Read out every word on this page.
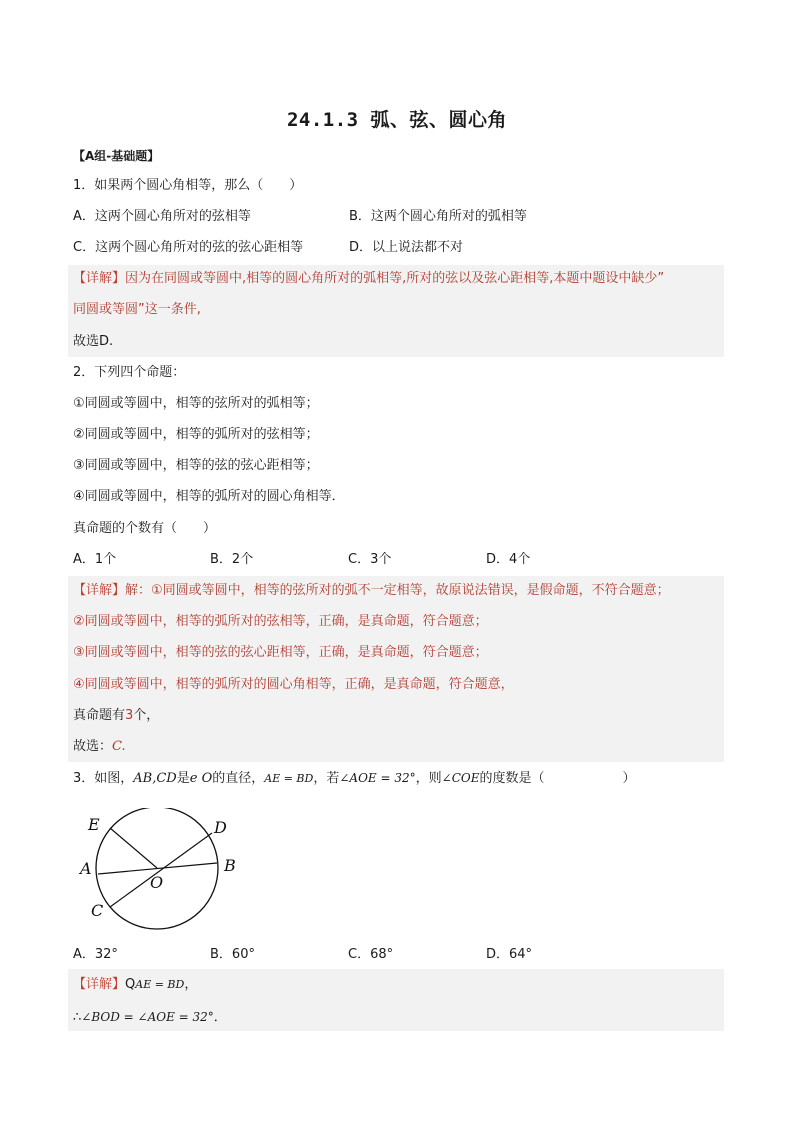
24.1.3 弧、弦、圆心角
【A组-基础题】
1．如果两个圆心角相等，那么（　　）
A．这两个圆心角所对的弦相等	B．这两个圆心角所对的弧相等
C．这两个圆心角所对的弦的弦心距相等	D．以上说法都不对
【详解】因为在同圆或等圆中,相等的圆心角所对的弧相等,所对的弦以及弦心距相等,本题中题设中缺少”
同圆或等圆”这一条件,
故选D.
2．下列四个命题：
①同圆或等圆中，相等的弦所对的弧相等；
②同圆或等圆中，相等的弧所对的弦相等；
③同圆或等圆中，相等的弦的弦心距相等；
④同圆或等圆中，相等的弧所对的圆心角相等．
真命题的个数有（　　）
A．1个	B．2个	C．3个	D．4个
【详解】解：①同圆或等圆中，相等的弦所对的弧不一定相等，故原说法错误，是假命题，不符合题意；
②同圆或等圆中，相等的弧所对的弦相等，正确，是真命题，符合题意；
③同圆或等圆中，相等的弦的弦心距相等，正确，是真命题，符合题意；
④同圆或等圆中，相等的弧所对的圆心角相等，正确，是真命题，符合题意，
真命题有3个，
故选：C.
3．如图，AB,CD是e O的直径，AE = BD，若∠AOE = 32°，则∠COE的度数是（　　　　　　）
E	D
A	B
O
C
A．32°	B．60°	C．68°	D．64°
【详解】QAE = BD，
∴∠BOD = ∠AOE = 32°．
